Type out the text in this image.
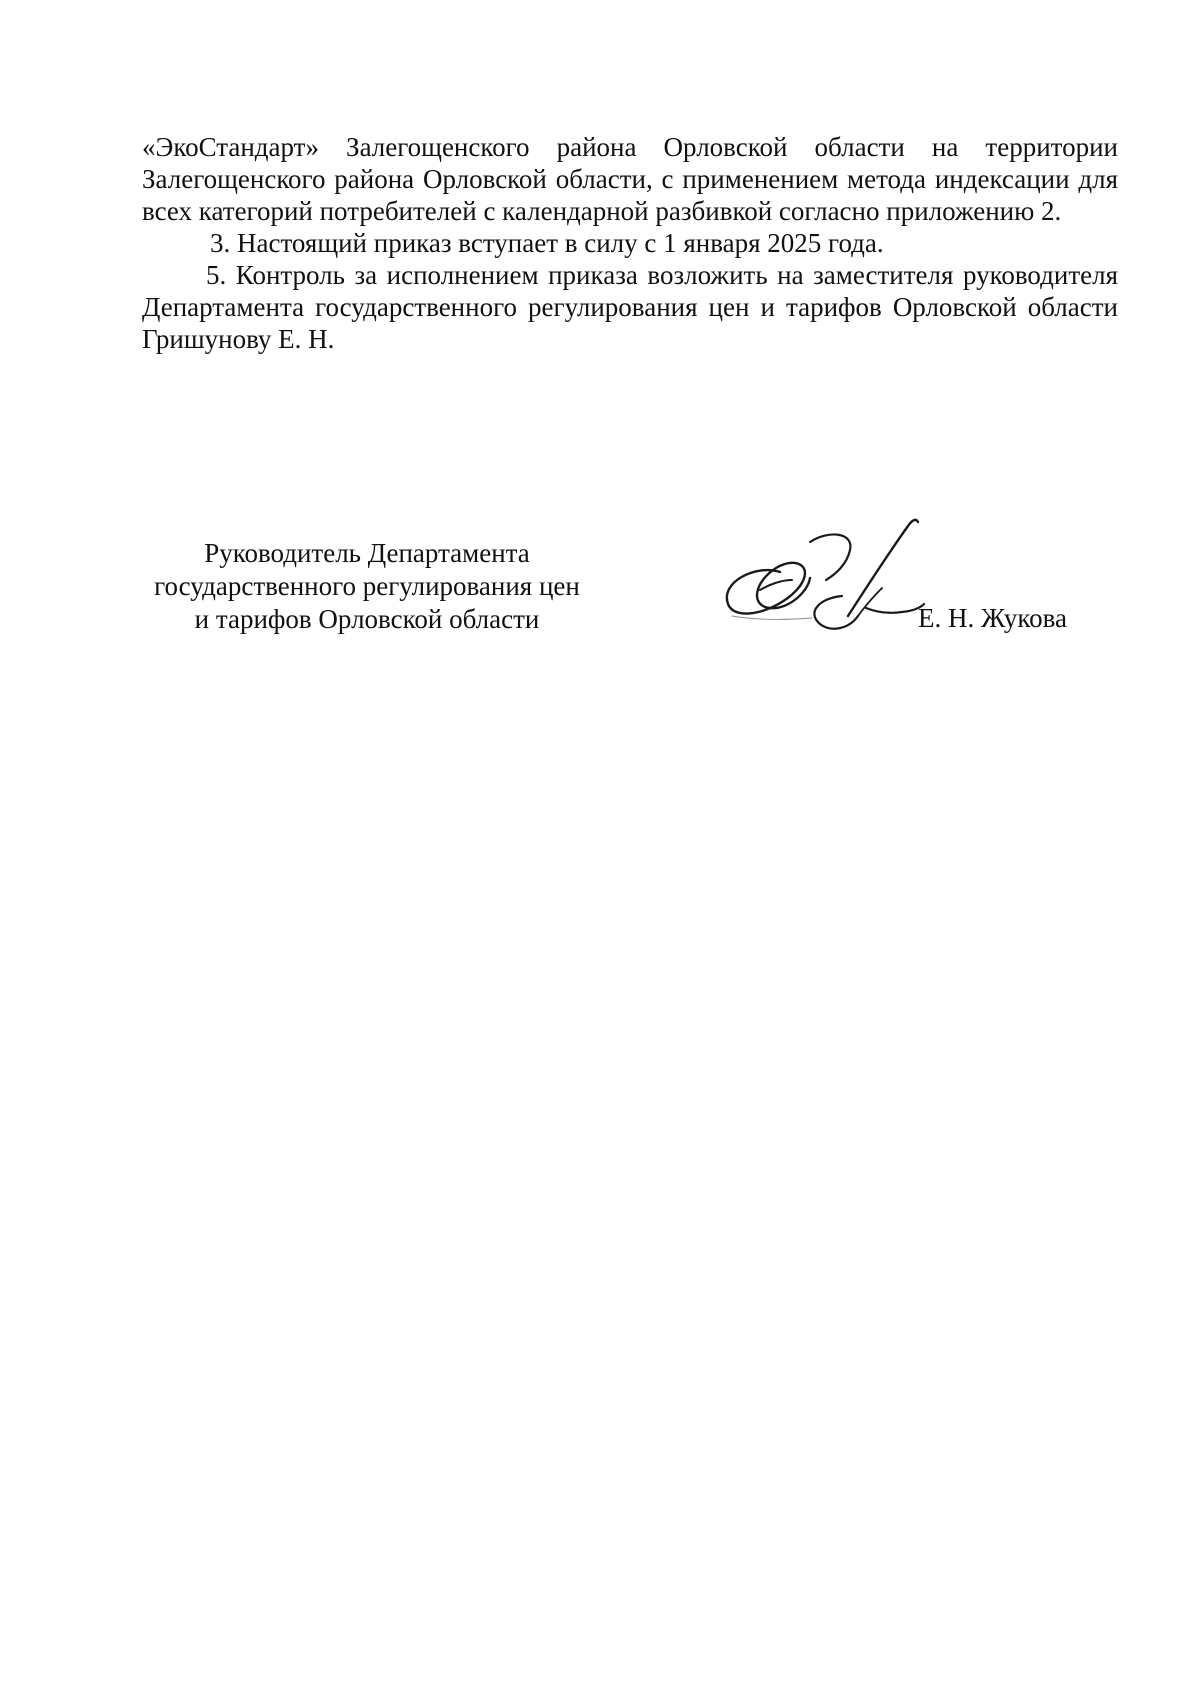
«ЭкоСтандарт» Залегощенского района Орловской области на территории Залегощенского района Орловской области, с применением метода индексации для всех категорий потребителей с календарной разбивкой согласно приложению 2.

3. Настоящий приказ вступает в силу с 1 января 2025 года.

5. Контроль за исполнением приказа возложить на заместителя руководителя Департамента государственного регулирования цен и тарифов Орловской области Гришунову Е. Н.

Руководитель Департамента
государственного регулирования цен
и тарифов Орловской области	Е. Н. Жукова
